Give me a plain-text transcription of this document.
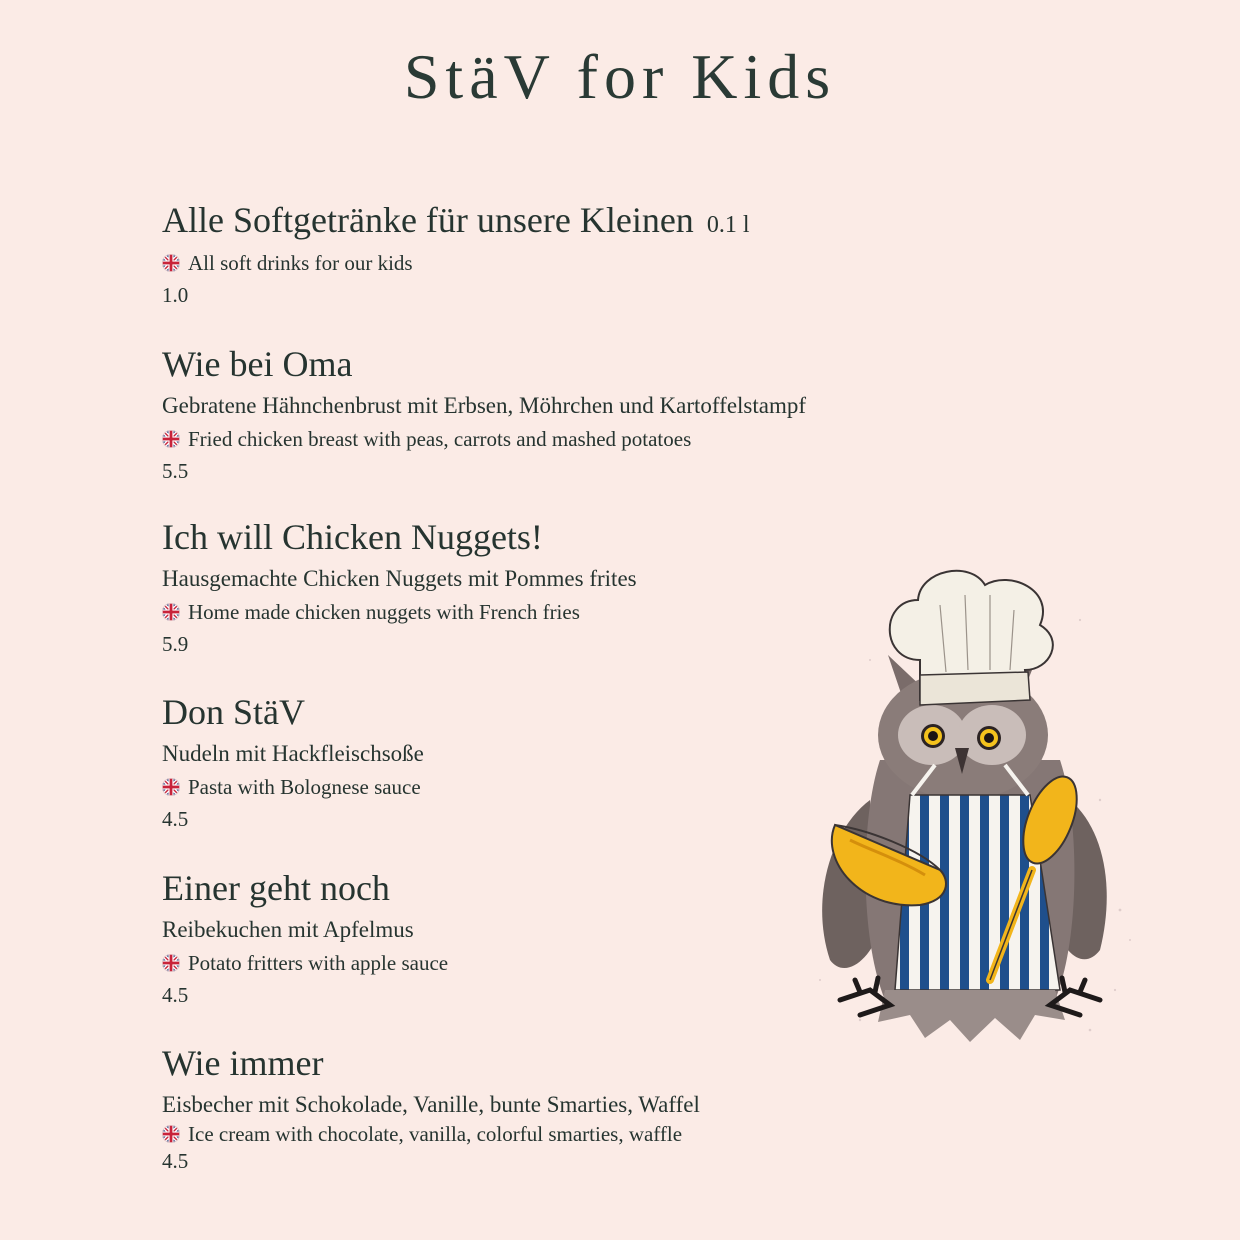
StäV for Kids
Alle Softgetränke für unsere Kleinen 0.1 l
All soft drinks for our kids
1.0
Wie bei Oma
Gebratene Hähnchenbrust mit Erbsen, Möhrchen und Kartoffelstampf
Fried chicken breast with peas, carrots and mashed potatoes
5.5
Ich will Chicken Nuggets!
Hausgemachte Chicken Nuggets mit Pommes frites
Home made chicken nuggets with French fries
5.9
Don StäV
Nudeln mit Hackfleischsoße
Pasta with Bolognese sauce
4.5
Einer geht noch
Reibekuchen mit Apfelmus
Potato fritters with apple sauce
4.5
Wie immer
Eisbecher mit Schokolade, Vanille, bunte Smarties, Waffel
Ice cream with chocolate, vanilla, colorful smarties, waffle
4.5
